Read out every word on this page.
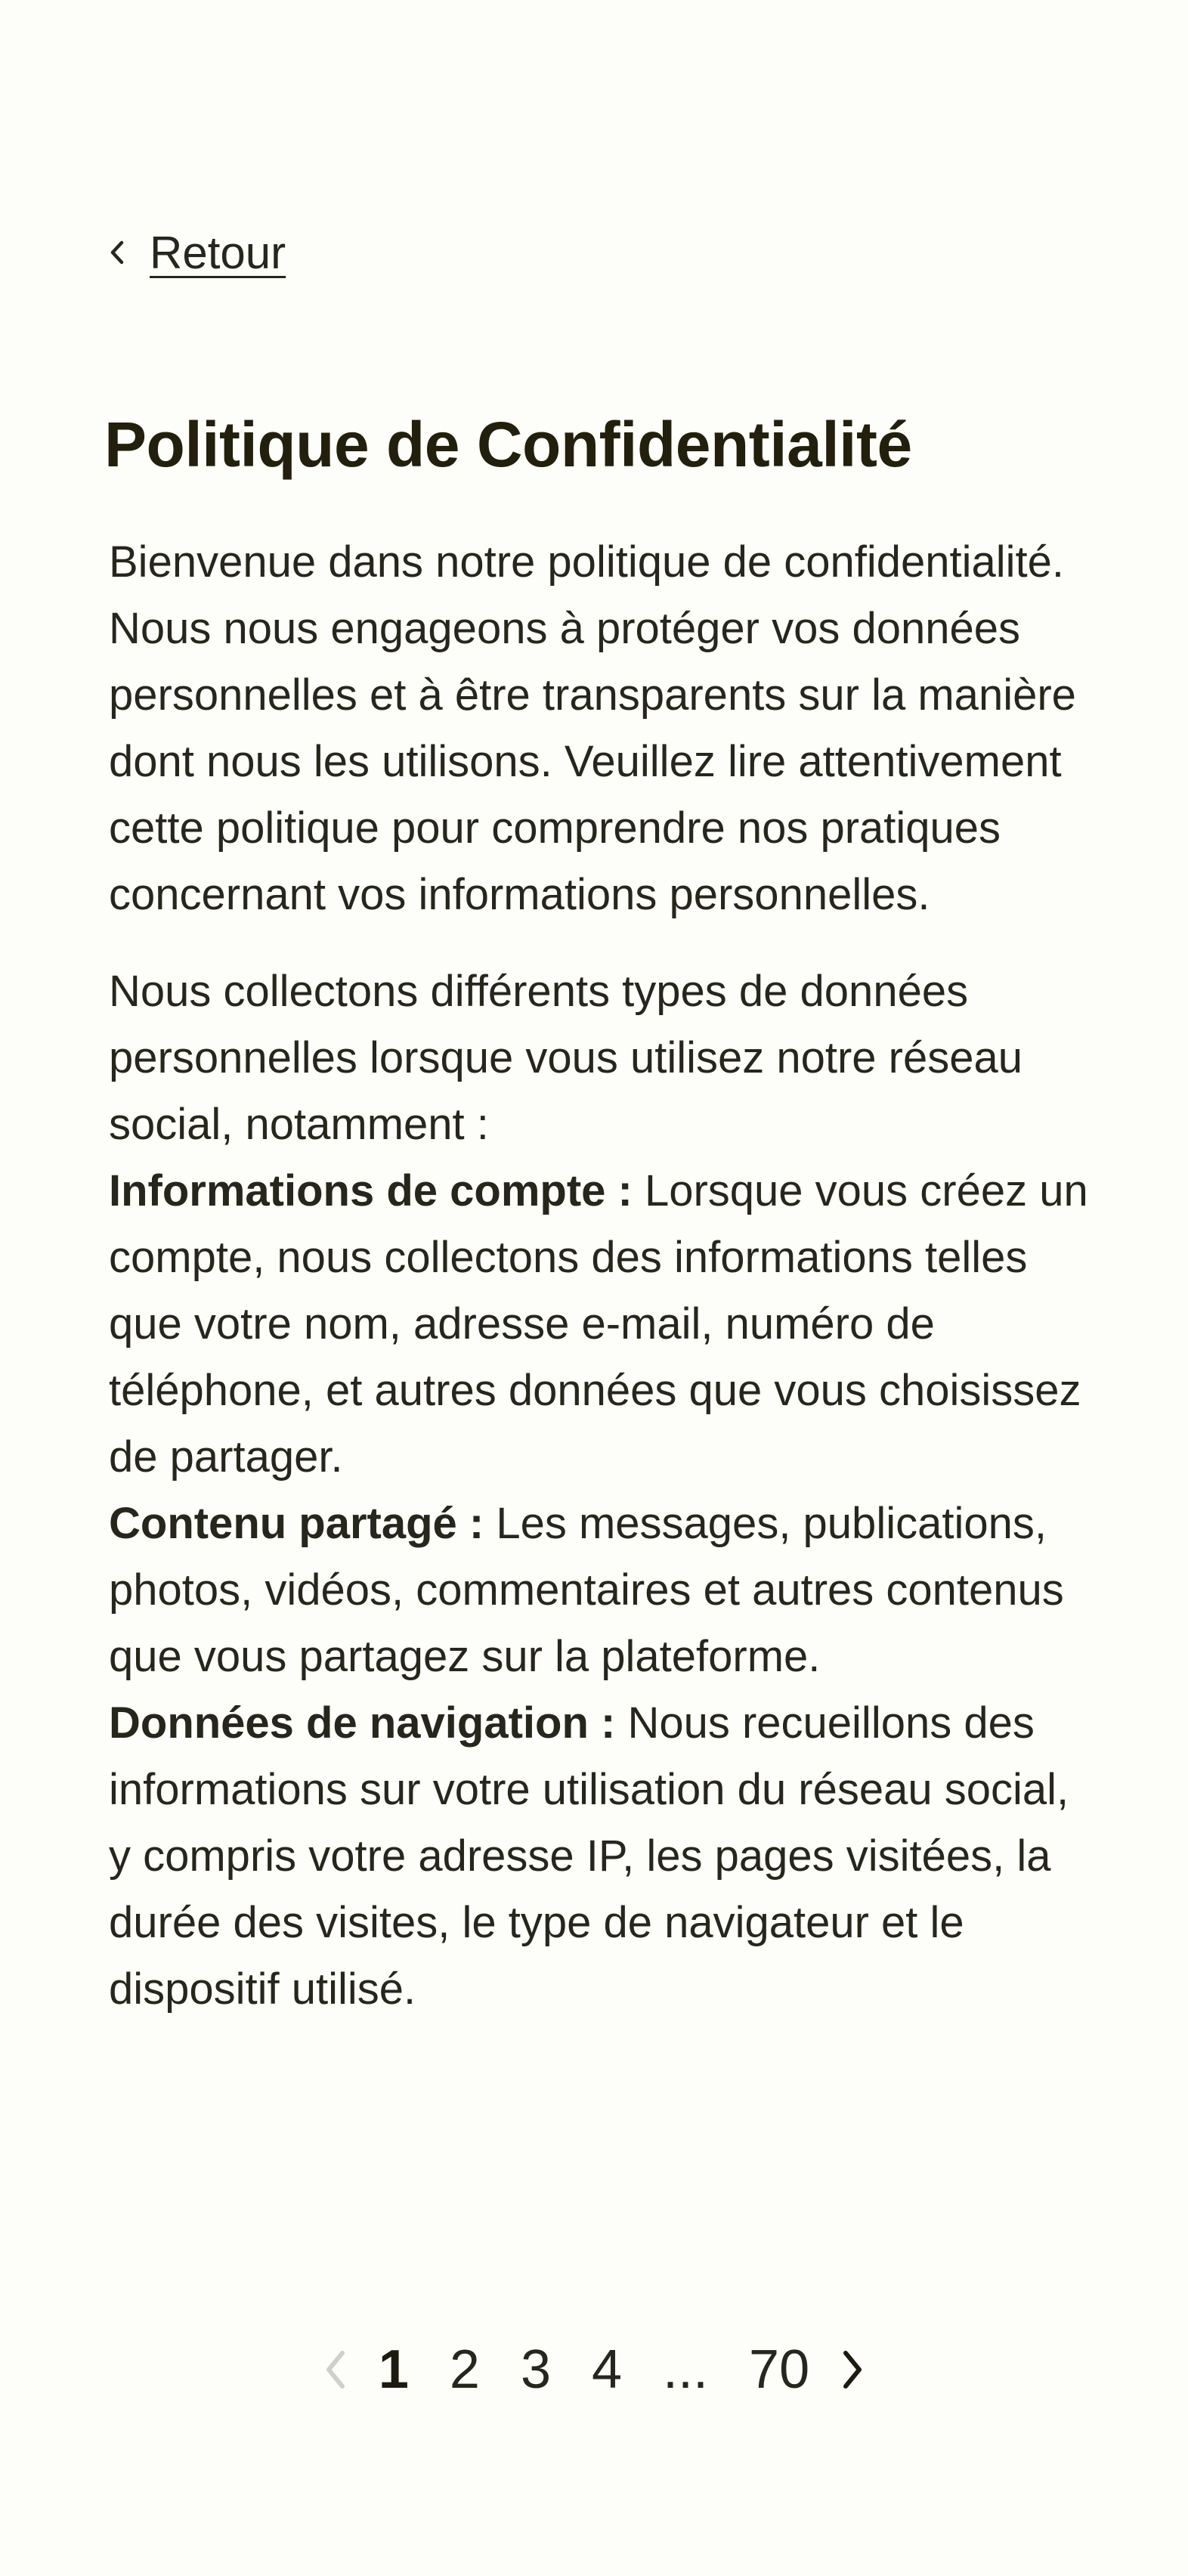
Retour
Politique de Confidentialité

Bienvenue dans notre politique de confidentialité. Nous nous engageons à protéger vos données personnelles et à être transparents sur la manière dont nous les utilisons. Veuillez lire attentivement cette politique pour comprendre nos pratiques concernant vos informations personnelles.

Nous collectons différents types de données personnelles lorsque vous utilisez notre réseau social, notamment :

Informations de compte : Lorsque vous créez un compte, nous collectons des informations telles que votre nom, adresse e-mail, numéro de téléphone, et autres données que vous choisissez de partager.

Contenu partagé : Les messages, publications, photos, vidéos, commentaires et autres contenus que vous partagez sur la plateforme.

Données de navigation : Nous recueillons des informations sur votre utilisation du réseau social, y compris votre adresse IP, les pages visitées, la durée des visites, le type de navigateur et le dispositif utilisé.

1 2 3 4 ... 70
